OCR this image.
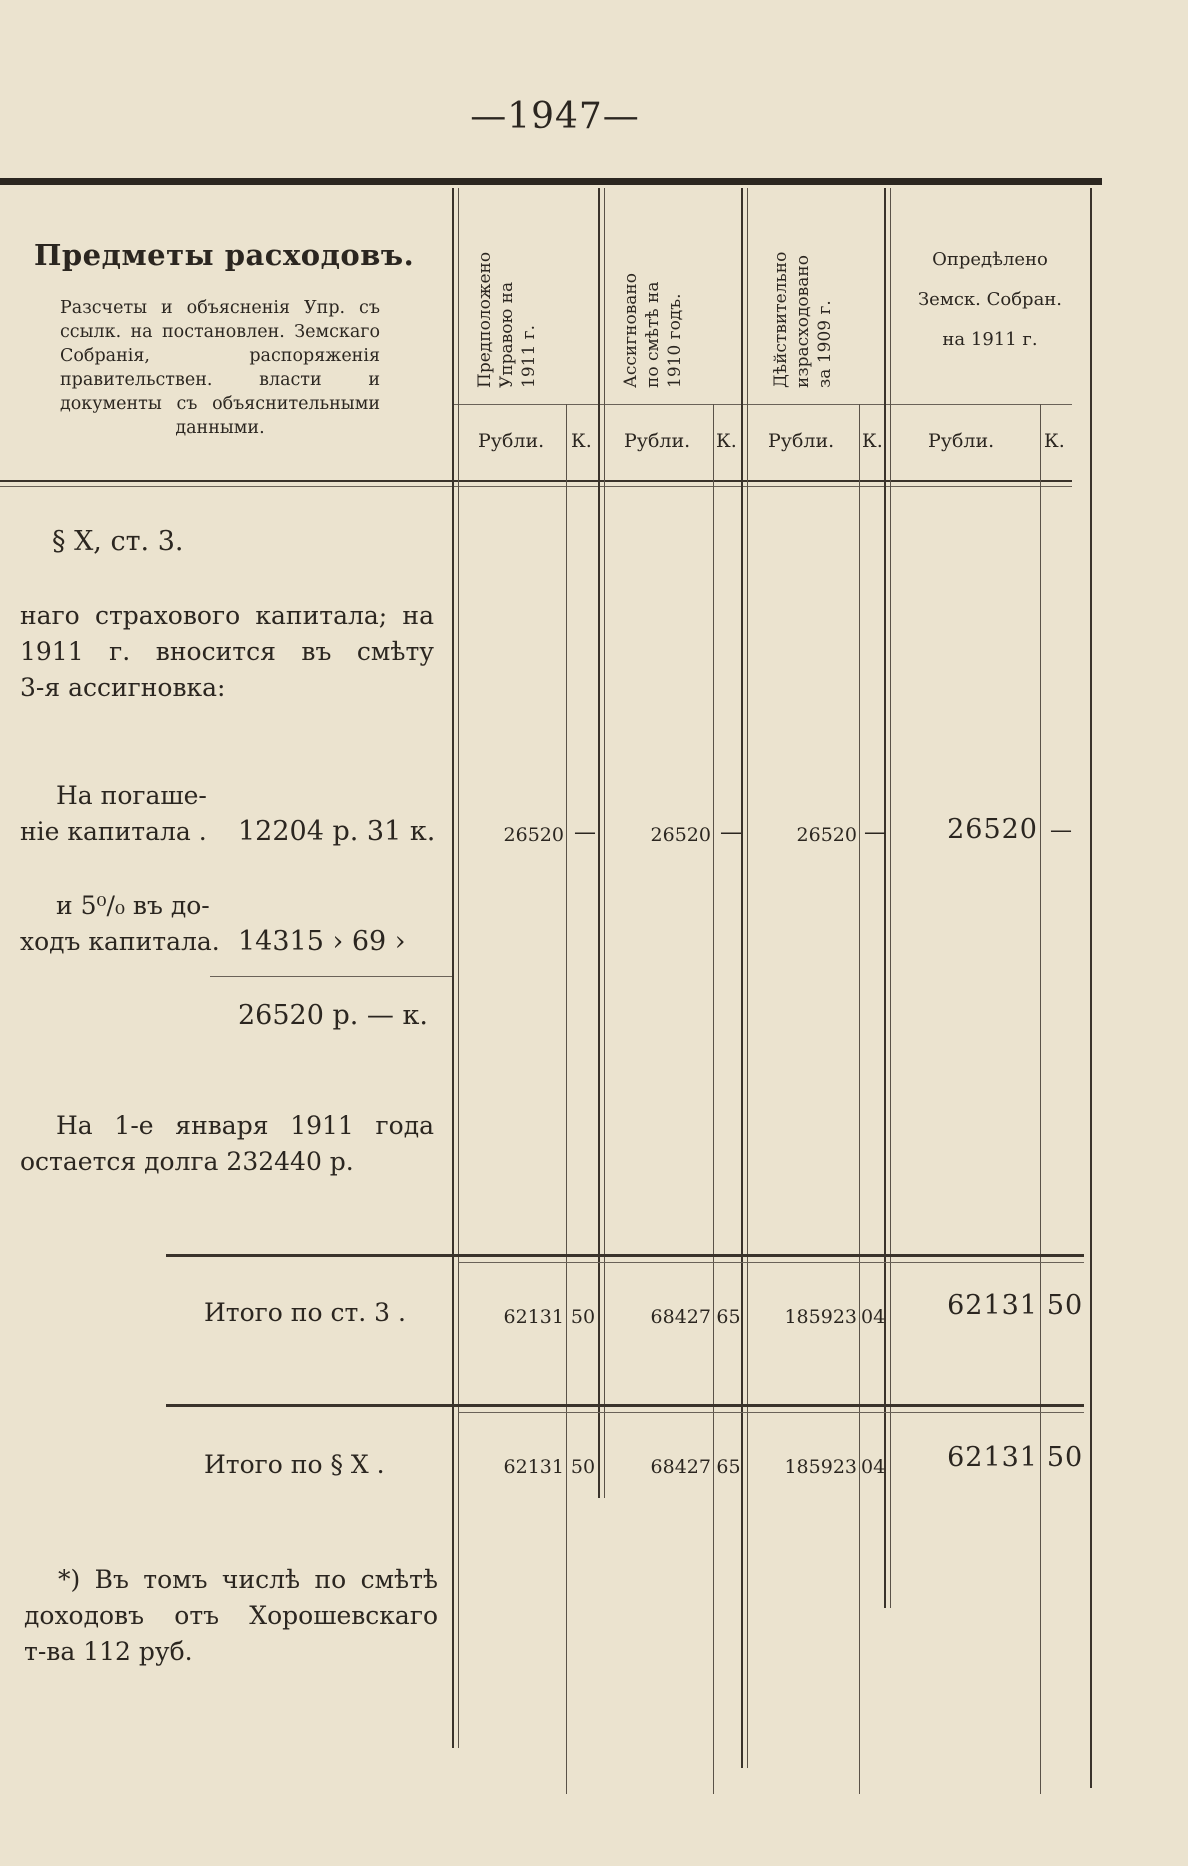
—1947—
Предметы расходовъ.
Разсчеты и объясненія Упр. съ ссылк. на постановлен. Земскаго Собранія, распоряженія правительствен. власти и документы съ объяснительными данными.
Предположено
Управою на
1911 г.	Ассигновано
по смѣтѣ на
1910 годъ.	Дѣйствительно
израсходовано
за 1909 г.
Опредѣлено
Земск. Собран.
на 1911 г.
Рубли. К. Рубли. К. Рубли. К. Рубли.	К.
§ X, ст. 3.
наго страхового капитала; на
1911 г. вносится въ смѣту
3-я ассигновка:
На погаше-
ніе капитала . 12204 р. 31 к.
и 5⁰/₀ въ до-
ходъ капитала. 14315 › 69 ›
26520 р. — к.
На 1-е января 1911 года
остается долга 232440 р.
26520 —	26520 —	26520 —	26520 —
Итого по ст. 3 .	62131 50	68427 65	185923 04	62131 50
Итого по § X .	62131 50	68427 65	185923 04	62131 50
*) Въ томъ числѣ по смѣтѣ
доходовъ отъ Хорошевскаго
т-ва 112 руб.
